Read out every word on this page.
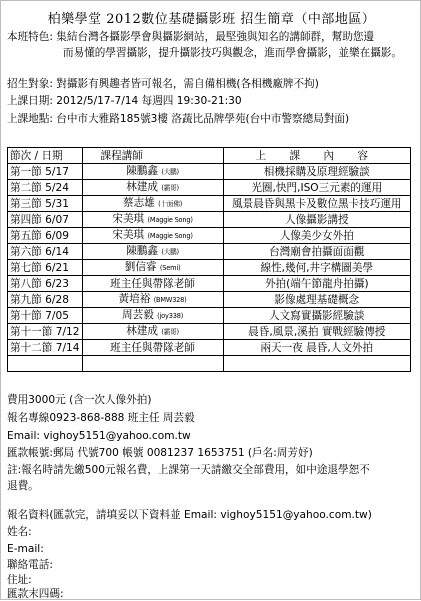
柏樂學堂 2012數位基礎攝影班 招生簡章（中部地區）
本班特色: 集結台灣各攝影學會與攝影網站，最堅強與知名的講師群，幫助您邊
而易懂的學習攝影，提升攝影技巧與觀念，進而學會攝影，並樂在攝影。
招生對象: 對攝影有興趣者皆可報名，需自備相機(各相機廠牌不拘)
上課日期: 2012/5/17-7/14 每週四 19:30-21:30
上課地點: 台中市大雅路185號3樓 洛蔬比品牌學苑(台中市警察總局對面)
節次 / 日期	課程講師	上 課 內 容
第一節 5/17	陳鵬鑫 (大鵬)	相機採購及原理經驗談
第二節 5/24	林建成 (霸哥)	光圈,快門,ISO三元素的運用
第三節 5/31	蔡志雄 (十面佛)	風景晨昏與黑卡及數位黑卡技巧運用
第四節 6/07	宋美琪 (Maggie Song)	人像攝影講授
第五節 6/09	宋美琪 (Maggie Song)	人像美少女外拍
第六節 6/14	陳鵬鑫 (大鵬)	台灣廟會拍攝面面觀
第七節 6/21	劉信睿 (Semi)	線性,幾何,井字構圖美學
第八節 6/23	班主任與帶隊老師	外拍(端午節龍舟拍攝)
第九節 6/28	黃培裕 (BMW328)	影像處理基礎概念
第十節 7/05	周芸毅 (joy338)	人文寫實攝影經驗談
第十一節 7/12	林建成 (霸哥)	晨昏,風景,溪拍 實戰經驗傳授
第十二節 7/14	班主任與帶隊老師	兩天一夜 晨昏,人文外拍

費用3000元 (含一次人像外拍)
報名專線0923-868-888 班主任 周芸毅
Email: vighoy5151@yahoo.com.tw
匯款帳號:郵局 代號700 帳號 0081237 1653751 (戶名:周芳妤)
註:報名時請先繳500元報名費，上課第一天請繳交全部費用，如中途退學恕不
退費。
報名資料(匯款完，請填妥以下資料並 Email: vighoy5151@yahoo.com.tw)
姓名:
E-mail:
聯絡電話:
住址:
匯款末四碼:
